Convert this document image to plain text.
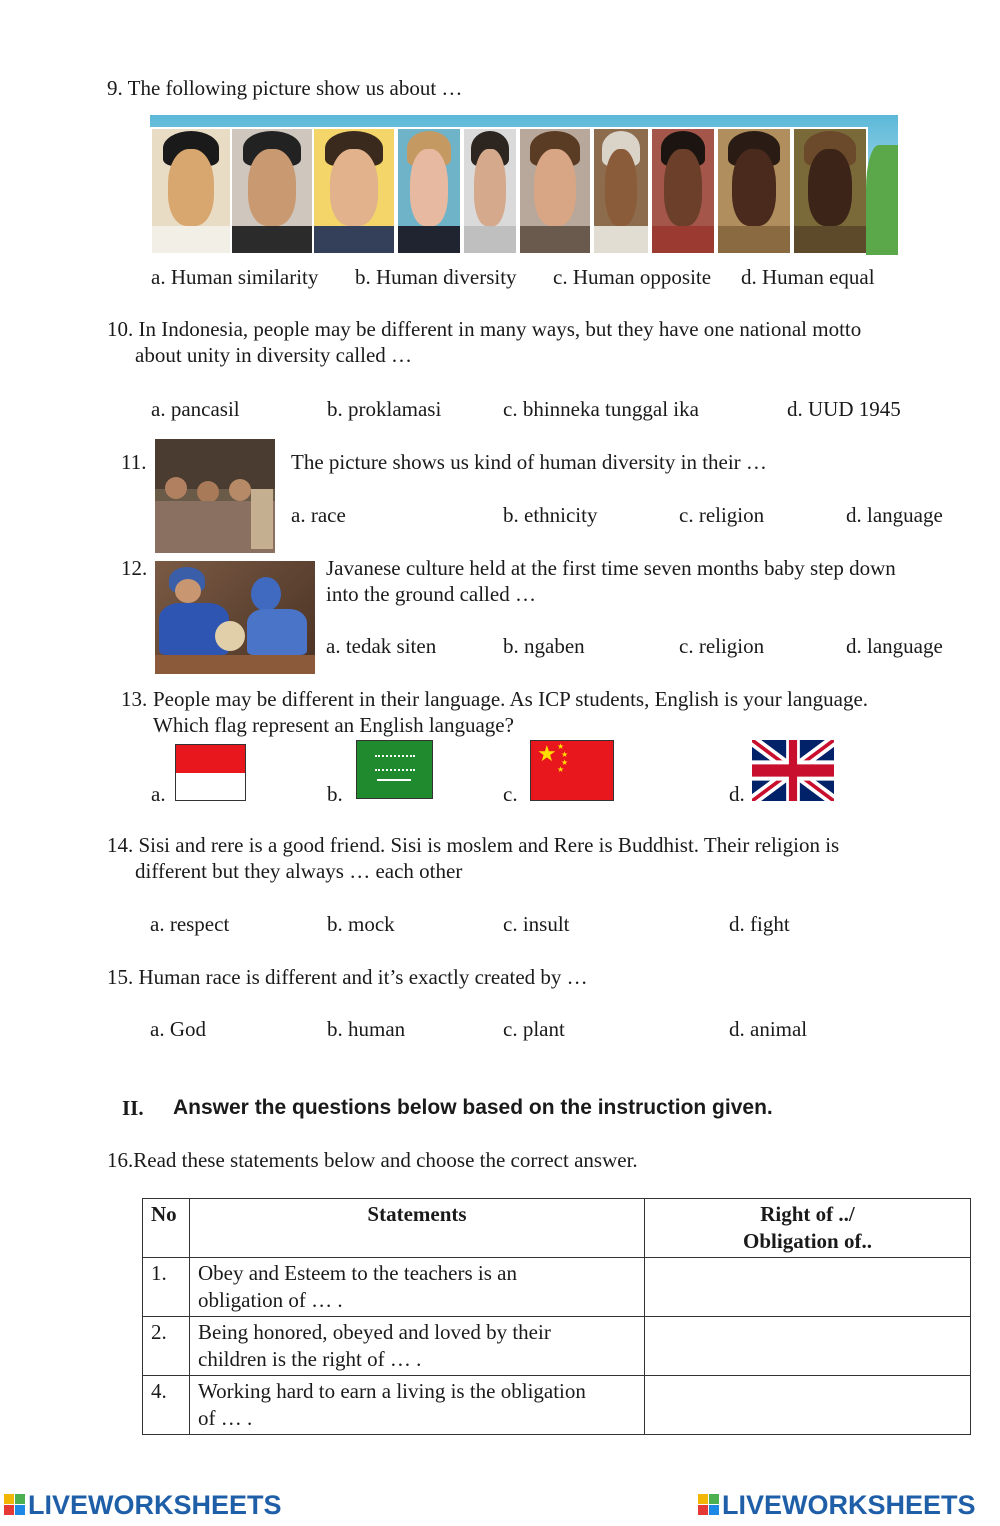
9. The following picture show us about …
a. Human similarity b. Human diversity c. Human opposite d. Human equal
10. In Indonesia, people may be different in many ways, but they have one national motto
about unity in diversity called …
a. pancasil	b. proklamasi	c. bhinneka tunggal ika	d. UUD 1945
11.	The picture shows us kind of human diversity in their …
a. race	b. ethnicity	c. religion	d. language
12.	Javanese culture held at the first time seven months baby step down
into the ground called …
a. tedak siten	b. ngaben	c. religion	d. language
13. People may be different in their language. As ICP students, English is your language.
Which flag represent an English language?
a.	b.	c.
★ ★
★
★
★
d.
14. Sisi and rere is a good friend. Sisi is moslem and Rere is Buddhist. Their religion is
different but they always … each other
a. respect	b. mock	c. insult	d. fight
15. Human race is different and it’s exactly created by …
a. God	b. human	c. plant	d. animal
II. Answer the questions below based on the instruction given.
16.Read these statements below and choose the correct answer.
No	Statements	Right of ../
Obligation of..

1.	Obey and Esteem to the teachers is an
obligation of … .	

2.	Being honored, obeyed and loved by their
children is the right of … .	

4.	Working hard to earn a living is the obligation
of … .	

LIVEWORKSHEETS	LIVEWORKSHEETS
